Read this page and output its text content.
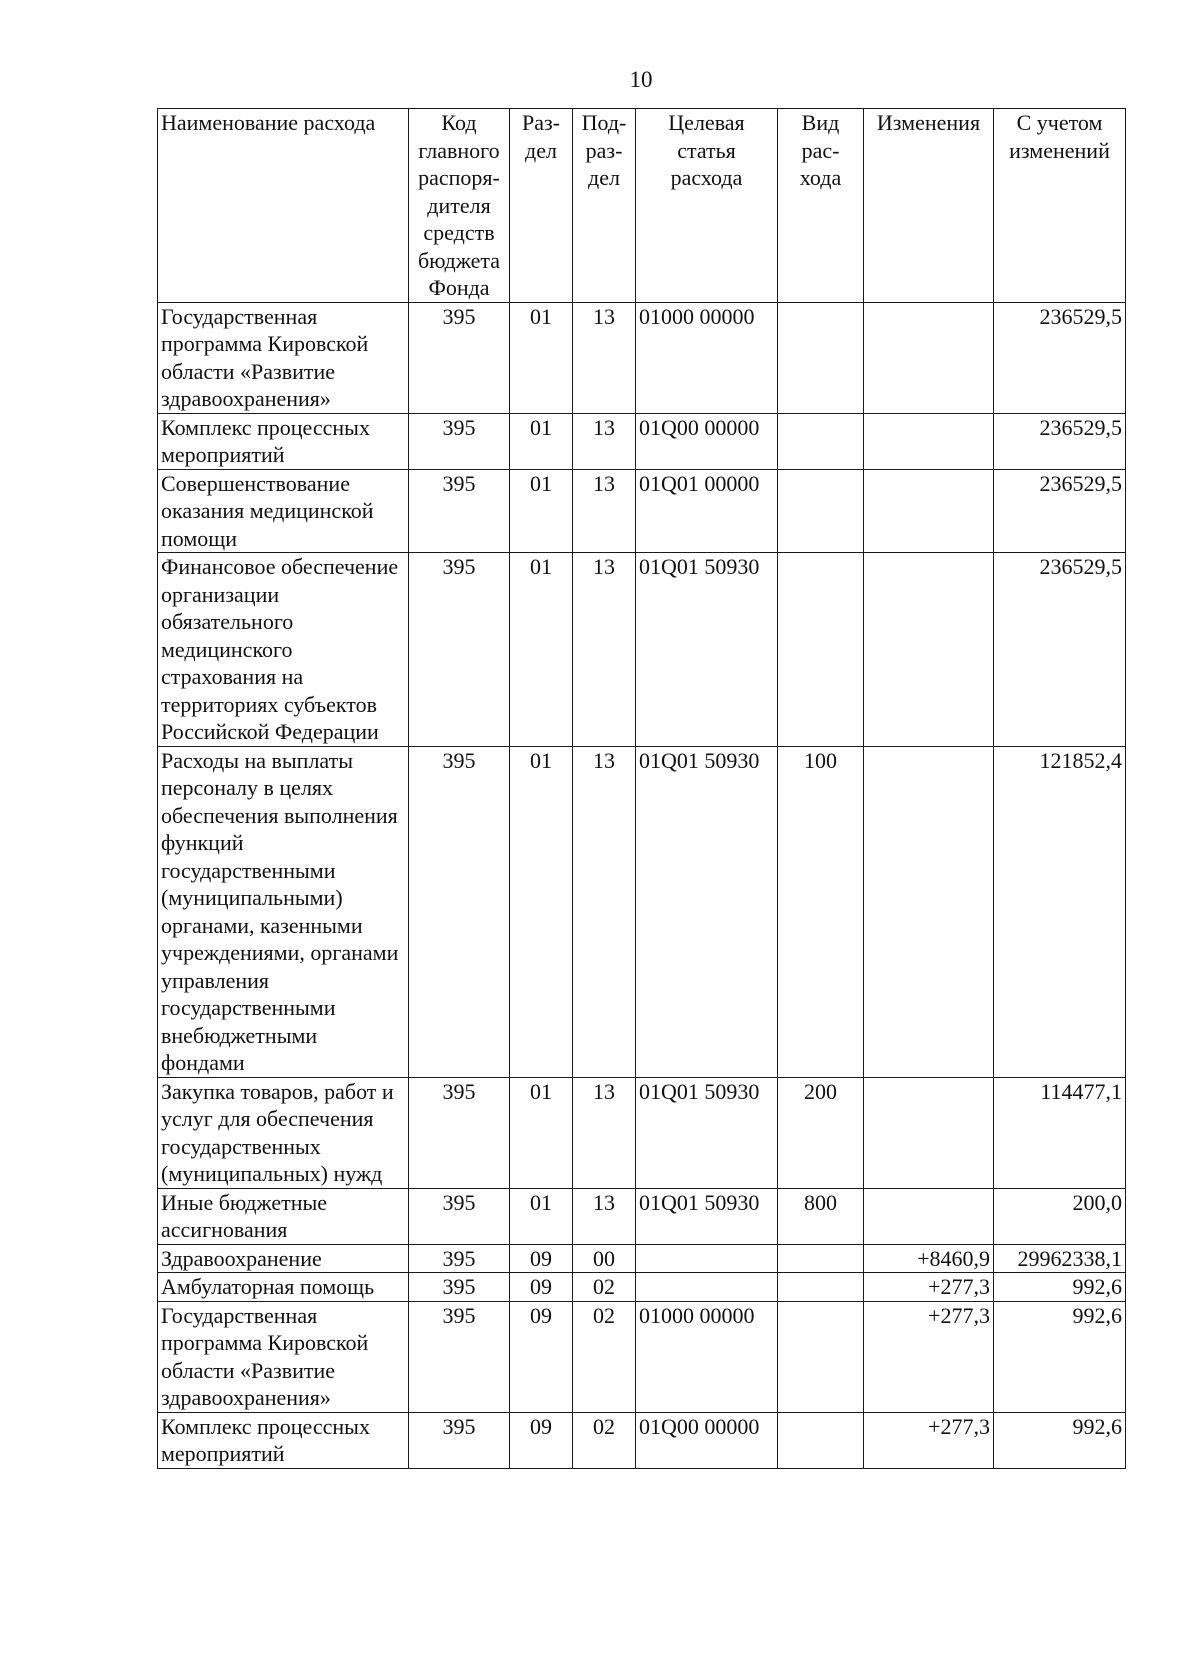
10
Наименование расхода	Код главного распоря-дителя средств бюджета Фонда	Раз-дел	Под-раз-дел	Целевая статья расхода	Вид рас-хода	Изменения	С учетом изменений
Государственная программа Кировской области «Развитие здравоохранения»	395	01	13	01000 00000			236529,5
Комплекс процессных мероприятий	395	01	13	01Q00 00000			236529,5
Совершенствование оказания медицинской помощи	395	01	13	01Q01 00000			236529,5
Финансовое обеспечение организации обязательного медицинского страхования на территориях субъектов Российской Федерации	395	01	13	01Q01 50930			236529,5
Расходы на выплаты персоналу в целях обеспечения выполнения функций государственными (муниципальными) органами, казенными учреждениями, органами управления государственными внебюджетными фондами	395	01	13	01Q01 50930	100		121852,4
Закупка товаров, работ и услуг для обеспечения государственных (муниципальных) нужд	395	01	13	01Q01 50930	200		114477,1
Иные бюджетные ассигнования	395	01	13	01Q01 50930	800		200,0
Здравоохранение	395	09	00			+8460,9	29962338,1
Амбулаторная помощь	395	09	02			+277,3	992,6
Государственная программа Кировской области «Развитие здравоохранения»	395	09	02	01000 00000		+277,3	992,6
Комплекс процессных мероприятий	395	09	02	01Q00 00000		+277,3	992,6
